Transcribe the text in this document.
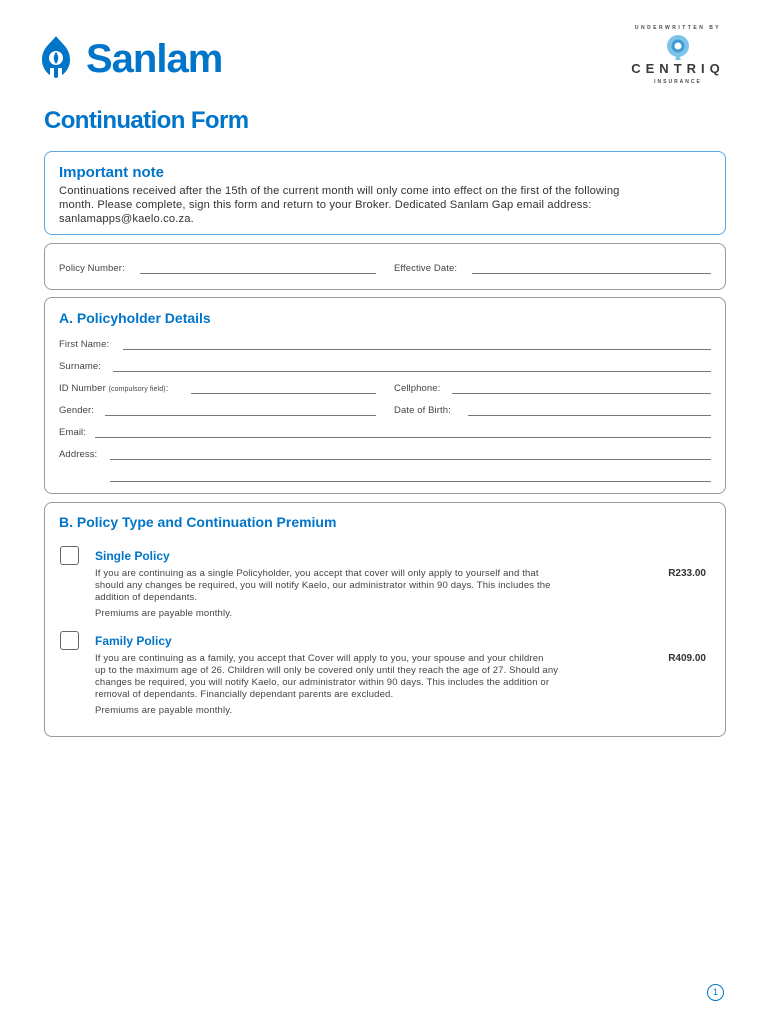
Sanlam
UNDERWRITTEN BY
CENTRIQ
INSURANCE
Continuation Form
Important note
Continuations received after the 15th of the current month will only come into effect on the first of the following
month. Please complete, sign this form and return to your Broker. Dedicated Sanlam Gap email address:
sanlamapps@kaelo.co.za.
Policy Number:	Effective Date:
A. Policyholder Details
First Name:
Surname:
ID Number (compulsory field):	Cellphone:
Gender:	Date of Birth:
Email:
Address:
B. Policy Type and Continuation Premium
Single Policy
If you are continuing as a single Policyholder, you accept that cover will only apply to yourself and that
should any changes be required, you will notify Kaelo, our administrator within 90 days. This includes the
addition of dependants.
Premiums are payable monthly.
R233.00
Family Policy
If you are continuing as a family, you accept that Cover will apply to you, your spouse and your children
up to the maximum age of 26. Children will only be covered only until they reach the age of 27. Should any
changes be required, you will notify Kaelo, our administrator within 90 days. This includes the addition or
removal of dependants. Financially dependant parents are excluded.
Premiums are payable monthly.
R409.00
1
